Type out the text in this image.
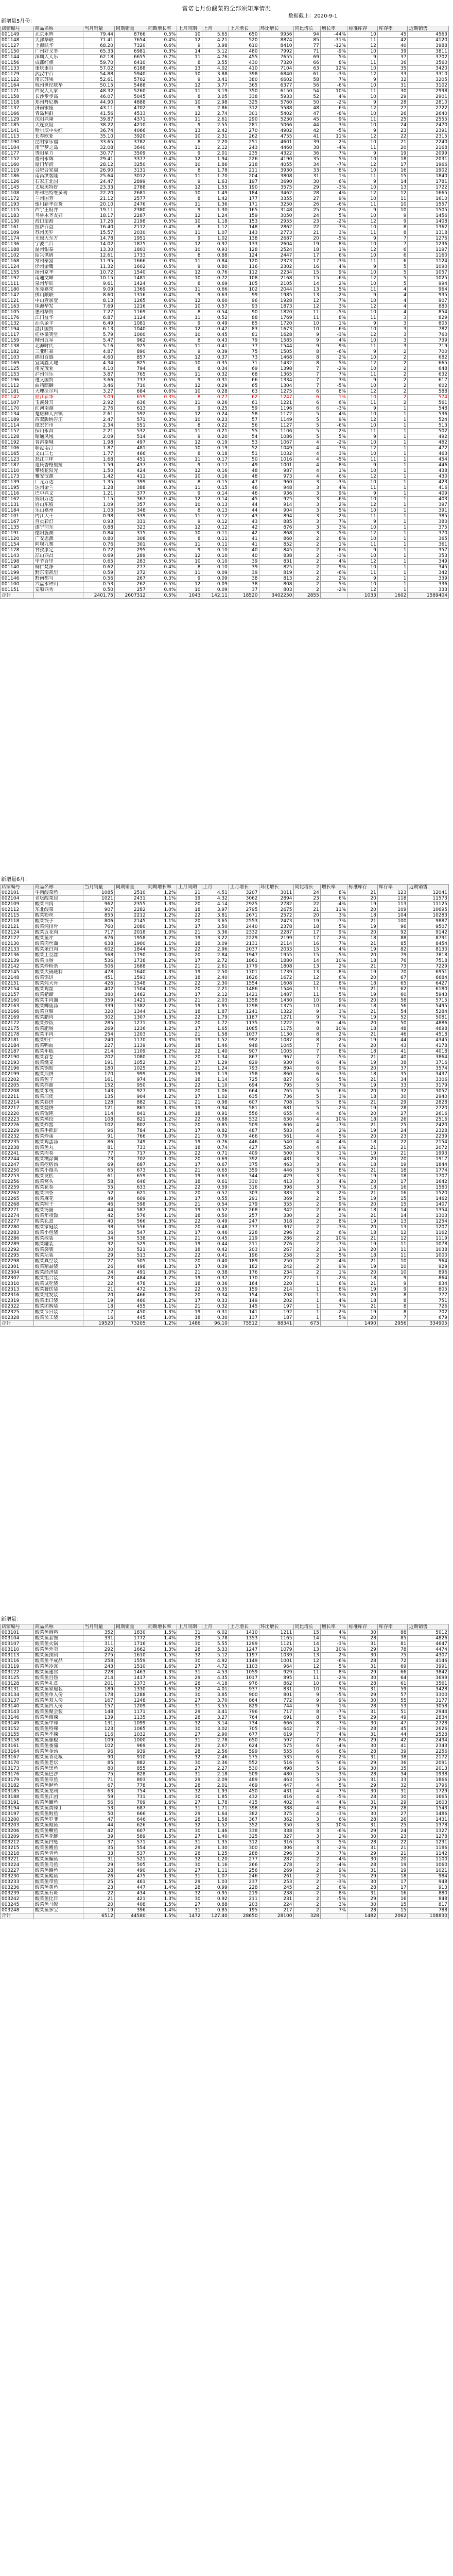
雷诺七月份酸菜的全部须知库情况
数据截止：2020-9-1
新增量5月份：
店铺编号	商品名称	当月销量	同期销量	同期增长率	上月同期	上月	上月增长	环比增长	同比增长	增长率	标准库存	库存率	近期销售
001149	北京永辉	79.44	8766	0.5%	10	5.65	650	9956	94	-44%	10	45	4563
001148	天津华联	71.41	7654	0.4%	12	4.21	520	8874	85	-31%	11	42	4120
001127	上海联华	68.20	7320	0.6%	9	3.98	610	8410	77	-12%	12	40	3988
001150	广州好又多	65.33	6981	0.3%	14	5.12	480	7992	71	-9%	10	39	3811
001144	深圳人人乐	62.18	6655	0.7%	11	4.76	455	7655	69	5%	9	37	3702
001156	成都红旗	59.70	6410	0.5%	8	3.55	430	7320	66	8%	11	36	3560
001133	重庆重百	57.02	6188	0.4%	13	4.02	410	7104	63	12%	10	35	3420
001179	武汉中百	54.88	5940	0.6%	10	3.88	398	6840	61	-3%	12	33	3310
001122	南京苏果	52.61	5702	0.3%	9	3.41	380	6602	58	7%	9	32	3205
001164	杭州世纪联华	50.15	5488	0.5%	12	3.77	365	6377	56	-6%	10	31	3102
001171	西安人人家	48.32	5260	0.4%	11	3.19	350	6150	54	10%	11	30	2998
001158	长沙步步高	46.07	5045	0.6%	8	3.05	338	5933	52	4%	10	29	2901
001118	郑州丹尼斯	44.90	4888	0.3%	10	2.98	325	5760	50	-2%	9	28	2810
001137	济南银座	43.11	4702	0.5%	9	2.86	312	5588	48	6%	12	27	2722
001166	青岛利群	41.56	4533	0.4%	12	2.74	301	5402	47	-8%	10	26	2640
001129	沈阳兴隆	39.87	4371	0.6%	11	2.61	290	5230	45	9%	11	25	2555
001185	大连友谊	38.22	4210	0.3%	9	2.55	281	5066	44	3%	10	24	2470
001141	哈尔滨中央红	36.74	4066	0.5%	13	2.42	270	4902	42	-5%	9	23	2391
001113	长春欧亚	35.10	3920	0.4%	10	2.31	262	4755	41	11%	12	22	2315
001190	昆明家乐福	33.65	3782	0.6%	8	2.20	251	4601	39	2%	10	21	2240
001104	南宁梦之岛	32.08	3640	0.3%	11	2.12	243	4460	38	-4%	11	20	2168
001177	贵阳星力	30.77	3509	0.5%	9	2.01	235	4322	36	7%	9	19	2099
001152	福州永辉	29.41	3377	0.4%	12	1.94	226	4190	35	5%	10	18	2031
001160	厦门华润	28.12	3250	0.6%	10	1.86	218	4055	34	-7%	12	17	1966
001119	合肥合家福	26.90	3131	0.3%	8	1.78	211	3930	33	8%	10	16	1902
001186	南昌洪客隆	25.64	3012	0.5%	11	1.70	204	3808	31	1%	11	15	1840
001126	石家庄北国	24.47	2899	0.4%	9	1.63	197	3690	30	6%	9	14	1781
001145	太原美特好	23.33	2788	0.6%	12	1.55	190	3575	29	-3%	10	13	1722
001108	呼和浩特维多利	22.20	2681	0.3%	10	1.49	184	3462	28	4%	12	12	1665
001172	兰州国芳	21.12	2577	0.5%	8	1.42	177	3355	27	9%	10	11	1610
001193	银川新华百货	20.10	2476	0.4%	11	1.36	171	3250	26	-6%	11	10	1557
001115	西宁王府井	19.11	2380	0.6%	9	1.30	165	3148	25	2%	9	10	1505
001183	乌鲁木齐友好	18.17	2287	0.3%	12	1.24	159	3050	24	5%	10	9	1456
001130	海口望海	17.26	2198	0.5%	10	1.18	153	2955	23	-2%	12	9	1408
001161	拉萨百益	16.40	2112	0.4%	8	1.12	148	2862	22	7%	10	8	1362
001109	苏州美罗	15.57	2030	0.6%	11	1.07	143	2773	21	3%	11	8	1318
001174	无锡大东方	14.78	1951	0.3%	9	1.02	138	2687	20	-5%	9	7	1276
001136	宁波二百	14.02	1875	0.5%	12	0.97	133	2604	19	8%	10	7	1236
001188	温州银泰	13.30	1803	0.4%	10	0.93	128	2524	18	1%	12	6	1197
001102	绍兴供销	12.61	1733	0.6%	8	0.88	124	2447	17	6%	10	6	1160
001168	常州泰富	11.95	1666	0.3%	11	0.84	120	2373	17	-3%	11	6	1124
001124	徐州金鹰	11.32	1602	0.5%	9	0.80	116	2302	16	4%	9	5	1090
001155	扬州京华	10.72	1540	0.4%	12	0.76	112	2234	15	9%	10	5	1057
001197	南通文峰	10.15	1481	0.6%	10	0.72	108	2168	15	-6%	12	5	1025
001111	泉州华联	9.61	1424	0.3%	8	0.69	105	2105	14	2%	10	5	994
001180	东莞嘉荣	9.09	1369	0.5%	11	0.66	102	2044	13	5%	11	4	964
001147	佛山顺联	8.60	1316	0.4%	9	0.63	99	1985	13	-2%	9	4	935
001121	中山壹加壹	8.13	1265	0.6%	12	0.60	96	1928	12	7%	10	4	907
001163	珠海华发	7.69	1216	0.3%	10	0.57	93	1873	12	3%	12	4	880
001105	惠州华贸	7.27	1169	0.5%	8	0.54	90	1820	11	-5%	10	4	854
001176	江门益华	6.87	1124	0.4%	11	0.52	88	1769	11	8%	11	3	829
001132	汕头金平	6.49	1081	0.6%	9	0.49	85	1720	10	1%	9	3	805
001194	湛江国贸	6.13	1040	0.3%	12	0.47	83	1673	10	6%	10	3	782
001117	桂林微笑堂	5.79	1000	0.5%	10	0.45	81	1628	9	-3%	12	3	760
001159	柳州五星	5.47	962	0.4%	8	0.43	79	1585	9	4%	10	3	739
001138	北海时代	5.16	925	0.6%	11	0.41	77	1544	9	9%	11	3	719
001182	三亚旺豪	4.87	890	0.3%	9	0.39	75	1505	8	-6%	9	2	700
001103	绵阳百盛	4.60	857	0.5%	12	0.37	73	1468	8	2%	10	2	682
001169	宜宾鑫天地	4.34	825	0.4%	10	0.35	71	1432	8	5%	12	2	665
001125	南充茂业	4.10	794	0.6%	8	0.34	69	1398	7	-2%	10	2	648
001153	泸州佳乐	3.87	765	0.3%	11	0.32	68	1365	7	7%	11	2	632
001196	遵义国贸	3.66	737	0.5%	9	0.31	66	1334	7	3%	9	2	617
001112	曲靖麒麟	3.46	710	0.4%	12	0.29	65	1304	7	-5%	10	2	602
001181	大理沃尔玛	3.27	684	0.6%	10	0.28	63	1275	6	8%	12	2	588
001142	丽江新华	3.09	659	0.3%	8	0.27	62	1247	6	1%	10	2	574
001107	玉溪聂耳	2.92	636	0.5%	11	0.26	61	1221	6	6%	11	2	561
001170	红河南湖	2.76	613	0.4%	9	0.25	59	1196	6	-3%	9	1	548
001134	楚雄彝人古镇	2.61	592	0.6%	12	0.24	58	1172	5	4%	10	1	536
001189	西双版纳告庄	2.47	571	0.3%	10	0.23	57	1149	5	9%	12	1	524
001114	德宏芒市	2.34	551	0.5%	8	0.22	56	1127	5	-6%	10	1	513
001157	保山永昌	2.21	532	0.4%	11	0.21	55	1106	5	2%	11	1	502
001128	昭通凤凰	2.09	514	0.6%	9	0.20	54	1086	5	5%	9	1	492
001192	普洱茶城	1.98	497	0.3%	12	0.19	53	1067	4	-2%	10	1	482
001106	临沧南汀	1.87	481	0.5%	10	0.19	52	1049	4	7%	12	1	472
001165	文山三七	1.77	466	0.4%	8	0.18	51	1032	4	3%	10	1	463
001123	怒江兰坪	1.68	451	0.6%	11	0.17	50	1016	4	-5%	11	1	454
001187	迪庆香格里拉	1.59	437	0.3%	9	0.17	49	1001	4	8%	9	1	446
001110	攀枝花阳光	1.50	424	0.5%	12	0.16	48	987	4	1%	10	1	438
001173	雅安汉源	1.42	411	0.4%	10	0.16	48	973	4	6%	12	1	430
001139	广元万达	1.35	399	0.6%	8	0.15	47	960	3	-3%	10	1	423
001195	达州金兰	1.28	388	0.3%	11	0.15	46	948	3	4%	11	1	416
001116	巴中兴文	1.21	377	0.5%	9	0.14	46	936	3	9%	9	1	409
001162	资阳万达	1.15	367	0.4%	12	0.14	45	925	3	-6%	10	1	403
001131	眉山东坡	1.09	357	0.6%	10	0.13	44	914	3	2%	12	1	397
001184	乐山嘉州	1.03	348	0.3%	8	0.13	44	904	3	5%	10	1	391
001101	内江大千	0.98	339	0.5%	11	0.12	43	894	3	-2%	11	1	385
001167	自贡彩灯	0.93	331	0.4%	9	0.12	43	885	3	7%	9	1	380
001135	遂宁河东	0.88	323	0.6%	12	0.12	42	876	3	3%	10	1	375
001191	德阳旌湖	0.84	315	0.3%	10	0.11	42	868	3	-5%	12	1	370
001120	广安思源	0.80	308	0.5%	8	0.11	41	860	2	8%	10	1	365
001154	阿坝九寨	0.76	301	0.4%	11	0.11	41	852	2	1%	11	1	361
001178	甘孜康定	0.72	295	0.6%	9	0.10	40	845	2	6%	9	1	357
001143	凉山西昌	0.69	289	0.3%	12	0.10	40	838	2	-3%	10	1	353
001198	毕节百里	0.65	283	0.5%	10	0.10	39	831	2	4%	12	1	349
001140	铜仁梵净	0.62	277	0.4%	8	0.10	39	825	2	9%	10	1	345
001199	黔东南凯里	0.59	272	0.6%	11	0.09	39	819	2	-6%	11	1	342
001146	黔南都匀	0.56	267	0.3%	9	0.09	38	813	2	2%	9	1	339
001100	六盘水钟山	0.53	262	0.5%	12	0.09	38	808	2	5%	10	1	336
001151	安顺西秀	0.50	257	0.4%	10	0.09	37	803	2	-2%	12	1	333
合计		2401.75	2607312	0.5%	1043	142.11	18520	3402250	2855		1033	1602	1589404
新增量6月：
店铺编号	商品名称	当月销量	同期销量	同期增长率	上月同期	上月	上月增长	环比增长	同比增长	增长率	标准库存	库存率	近期销售
002101	牛肉酸菜鱼	1085	2510	1.2%	21	4.51	3207	3011	24	8%	21	123	12041
002104	老坛酸菜包	1021	2431	1.1%	19	4.32	3062	2894	23	6%	20	118	11573
002109	酸菜白肉	962	2355	1.3%	20	4.14	2925	2782	22	-4%	19	113	11125
002112	东北酸菜	907	2282	1.0%	18	3.97	2795	2675	21	11%	20	109	10695
002115	酸菜粉丝	855	2212	1.2%	22	3.81	2671	2572	20	3%	18	104	10283
002118	酸菜饺子	806	2145	1.1%	20	3.65	2553	2473	19	-7%	21	100	9887
002121	酸菜炖排骨	760	2080	1.3%	17	3.50	2440	2378	18	5%	19	96	9507
002124	酸菜五花肉	717	2018	1.0%	21	3.36	2332	2287	17	9%	20	92	9142
002127	酸菜鱼片	676	1958	1.2%	19	3.22	2229	2199	17	-2%	18	88	8791
002130	酸菜肉丝面	638	1900	1.1%	18	3.09	2131	2114	16	7%	21	85	8454
002133	酸菜汆白肉	602	1844	1.3%	22	2.96	2037	2033	15	4%	19	82	8130
002136	酸菜土豆丝	568	1790	1.0%	20	2.84	1947	1955	15	-5%	20	79	7818
002139	酸菜血肠	536	1738	1.2%	17	2.72	1861	1880	14	10%	18	76	7518
002142	酸菜炒粉条	506	1688	1.1%	21	2.61	1779	1808	13	2%	21	73	7229
002145	酸菜火锅底料	478	1640	1.3%	19	2.50	1701	1739	13	-8%	19	70	6951
002148	酸菜馅饼	451	1593	1.0%	18	2.40	1626	1672	12	6%	20	67	6684
002151	酸菜炖大骨	426	1548	1.2%	22	2.30	1554	1608	12	8%	18	65	6427
002154	酸菜鸡丝	402	1504	1.1%	20	2.21	1486	1546	11	-3%	21	62	6180
002157	酸菜猪蹄	380	1462	1.3%	17	2.12	1421	1487	11	5%	19	60	5943
002160	酸菜牛肉面	359	1421	1.0%	21	2.03	1358	1430	10	9%	20	58	5715
002163	酸菜鲫鱼汤	339	1382	1.2%	19	1.95	1298	1375	10	-6%	18	56	5495
002166	酸菜豆腐	320	1344	1.1%	18	1.87	1241	1322	9	3%	21	54	5284
002169	酸菜腊肉	302	1307	1.3%	22	1.79	1187	1271	9	7%	19	52	5081
002172	酸菜炒饭	285	1271	1.0%	20	1.72	1135	1222	9	-4%	20	50	4886
002175	酸菜肥肠	269	1236	1.2%	17	1.65	1085	1175	8	10%	18	48	4698
002178	酸菜羊肉	254	1203	1.1%	21	1.58	1037	1130	8	2%	21	46	4518
002181	酸菜虾仁	240	1170	1.3%	19	1.52	992	1087	8	-2%	19	44	4345
002184	酸菜鸭血	227	1139	1.0%	18	1.46	948	1045	7	6%	20	43	4178
002187	酸菜年糕	214	1109	1.2%	22	1.40	907	1005	7	8%	18	41	4018
002190	酸菜春卷	202	1080	1.1%	20	1.34	867	967	7	-5%	21	40	3864
002193	酸菜烧麦	191	1052	1.3%	17	1.29	829	930	6	4%	19	38	3716
002196	酸菜锅贴	180	1025	1.0%	21	1.24	793	894	6	9%	20	37	3574
002199	酸菜煎饼	170	999	1.2%	19	1.19	758	860	6	-3%	18	35	3437
002202	酸菜包子	161	974	1.1%	18	1.14	725	827	6	5%	21	34	3306
002205	酸菜拌面	152	950	1.3%	22	1.10	694	795	5	7%	19	33	3179
002208	酸菜米线	143	927	1.0%	20	1.06	664	765	5	-6%	20	32	3057
002211	酸菜凉皮	135	904	1.2%	17	1.02	635	736	5	3%	18	30	2940
002214	酸菜卷饼	128	882	1.1%	21	0.98	607	708	5	8%	21	29	2828
002217	酸菜烧饼	121	861	1.3%	19	0.94	581	681	5	-2%	19	28	2720
002220	酸菜馄饨	114	841	1.0%	18	0.91	556	655	4	6%	20	27	2616
002223	酸菜蒸饺	108	821	1.2%	22	0.88	532	630	4	10%	18	26	2516
002226	酸菜炸酱	102	802	1.1%	20	0.85	509	606	4	-7%	21	25	2420
002229	酸菜手抓饼	96	784	1.3%	17	0.82	487	583	4	2%	19	24	2328
002232	酸菜炒蛋	91	766	1.0%	21	0.79	466	561	4	5%	20	23	2239
002235	酸菜鸡蛋汤	86	749	1.2%	19	0.76	446	540	4	-4%	18	22	2154
002238	酸菜鱼丸	81	733	1.1%	18	0.74	427	520	4	9%	21	21	2072
002241	酸菜肉卷	77	717	1.3%	22	0.71	409	500	3	1%	19	21	1993
002244	酸菜糊涂面	73	702	1.0%	20	0.69	392	481	3	-3%	20	20	1917
002247	酸菜疙瘩汤	69	687	1.2%	17	0.67	375	463	3	6%	18	19	1844
002250	酸菜小馒头	65	673	1.1%	21	0.65	359	446	3	8%	21	18	1774
002253	酸菜发糕	61	659	1.3%	19	0.63	344	429	3	-5%	19	18	1707
002256	酸菜窝头	58	646	1.0%	18	0.61	330	413	3	4%	20	17	1642
002259	酸菜花卷	55	633	1.2%	22	0.59	316	398	3	7%	18	16	1580
002262	酸菜油条	52	621	1.1%	20	0.57	303	383	3	-2%	21	16	1520
002265	酸菜麻花	49	609	1.3%	17	0.55	291	369	2	5%	19	15	1462
002268	酸菜粽子	46	598	1.0%	21	0.54	279	355	2	9%	20	15	1407
002271	酸菜汤圆	44	587	1.2%	19	0.52	268	342	2	-6%	18	14	1354
002274	酸菜年夜饭	42	576	1.1%	18	0.50	257	330	2	3%	21	14	1303
002277	酸菜礼盒	40	566	1.3%	22	0.49	247	318	2	8%	19	13	1254
002280	酸菜家庭装	38	556	1.0%	20	0.48	237	307	2	-3%	20	13	1207
002283	酸菜小包装	36	547	1.2%	17	0.46	228	296	2	6%	18	12	1162
002286	酸菜散装	34	538	1.1%	21	0.45	219	286	2	10%	21	12	1119
002289	酸菜罐装	32	529	1.3%	19	0.44	211	276	2	-7%	19	11	1078
002292	酸菜袋装	30	521	1.0%	18	0.42	203	267	2	2%	20	11	1038
002295	酸菜坛装	29	513	1.2%	22	0.41	196	258	2	5%	18	11	1000
002298	酸菜真空装	27	505	1.1%	20	0.40	189	250	2	-4%	21	10	964
002301	酸菜精品装	26	498	1.3%	17	0.39	182	242	2	9%	19	10	929
002304	酸菜经济装	24	491	1.0%	21	0.38	176	234	2	1%	20	10	896
002307	酸菜组合装	23	484	1.2%	19	0.37	170	227	1	-2%	18	9	864
002310	酸菜试吃装	22	478	1.1%	18	0.36	164	220	1	6%	21	9	834
002313	酸菜餐饮装	21	472	1.3%	22	0.35	159	214	1	8%	19	9	805
002316	酸菜批发装	20	466	1.0%	20	0.34	154	208	1	-5%	20	8	777
002319	酸菜出口装	19	460	1.2%	17	0.33	149	202	1	4%	18	8	751
002322	酸菜团购装	18	455	1.1%	21	0.32	145	197	1	7%	21	8	726
002325	酸菜节日装	17	450	1.3%	19	0.31	141	192	1	-2%	19	8	702
002328	酸菜员工装	16	445	1.0%	18	0.30	137	187	1	5%	20	7	679
合计		19520	73205	1.2%	1486	96.10	75512	88341	673		1490	2956	334905
新增量：
店铺编号	商品名称	当月销量	同期销量	同期增长率	上月同期	上月	上月增长	环比增长	同比增长	增长率	标准库存	库存率	近期销售
003101	酸菜鱼调料	352	1830	1.5%	31	6.02	1410	1211	15	4%	30	88	5012
003104	酸菜鱼套餐	331	1772	1.4%	29	5.78	1353	1165	14	7%	28	85	4826
003107	酸菜鱼火锅	311	1716	1.6%	30	5.55	1299	1121	14	-3%	31	81	4647
003110	酸菜鱼外卖	292	1662	1.3%	28	5.33	1247	1079	13	10%	29	78	4474
003113	酸菜鱼预制	275	1610	1.5%	32	5.12	1197	1039	13	2%	30	75	4307
003116	酸菜鱼半成品	258	1559	1.4%	30	4.92	1149	1001	12	-6%	28	72	4146
003119	酸菜鱼冷冻	243	1510	1.6%	27	4.72	1103	964	12	5%	31	69	3991
003122	酸菜鱼速食	228	1463	1.3%	31	4.53	1059	929	11	8%	29	66	3842
003125	酸菜鱼自热	214	1417	1.5%	29	4.35	1017	895	11	-2%	30	64	3699
003128	酸菜鱼礼盒	201	1373	1.4%	28	4.18	976	862	10	6%	28	61	3561
003131	酸菜鱼家庭装	189	1330	1.6%	32	4.01	937	831	10	3%	31	59	3428
003134	酸菜鱼单人份	178	1288	1.3%	30	3.85	900	801	9	-5%	29	57	3300
003137	酸菜鱼双人份	167	1248	1.5%	27	3.70	864	772	9	9%	30	55	3177
003140	酸菜鱼四人份	157	1209	1.4%	31	3.55	829	744	9	1%	28	53	3058
003143	酸菜鱼聚会装	148	1171	1.6%	29	3.41	796	717	8	-7%	31	51	2944
003146	酸菜鱼微辣	139	1135	1.3%	28	3.27	764	691	8	5%	29	49	2834
003149	酸菜鱼中辣	131	1099	1.5%	32	3.14	734	666	8	7%	30	47	2728
003152	酸菜鱼特辣	123	1065	1.4%	30	3.02	705	642	7	-3%	28	45	2626
003155	酸菜鱼不辣	116	1032	1.6%	27	2.90	677	619	7	4%	31	44	2528
003158	酸菜鱼藤椒	109	1000	1.3%	31	2.78	650	597	7	8%	29	42	2434
003161	酸菜鱼番茄	102	969	1.5%	29	2.67	624	575	6	-4%	30	41	2343
003164	酸菜鱼金汤	96	939	1.4%	28	2.56	599	555	6	6%	28	39	2256
003167	酸菜鱼青花椒	90	910	1.6%	32	2.46	575	535	6	2%	31	38	2172
003170	酸菜鱼老坛	85	882	1.3%	30	2.36	552	516	5	-6%	29	36	2091
003173	酸菜鱼黑鱼	80	855	1.5%	27	2.27	530	498	5	9%	30	35	2013
003176	酸菜鱼巴沙	75	828	1.4%	31	2.18	509	480	5	3%	28	34	1938
003179	酸菜鱼草鱼	71	803	1.6%	29	2.09	489	463	5	-2%	31	33	1866
003182	酸菜鱼鲈鱼	67	778	1.3%	28	2.01	469	447	4	5%	29	32	1796
003185	酸菜鱼龙利	63	754	1.5%	32	1.93	450	431	4	7%	30	31	1729
003188	酸菜鱼江团	59	731	1.4%	30	1.85	432	416	4	-5%	28	30	1665
003191	酸菜鱼鮰鱼	56	709	1.6%	27	1.78	415	402	4	4%	31	29	1603
003194	酸菜鱼黄辣丁	53	687	1.3%	31	1.71	398	388	4	8%	29	28	1543
003197	酸菜鱼鳕鱼	50	666	1.5%	29	1.64	382	375	4	-3%	30	27	1486
003200	酸菜鱼罗非	47	646	1.4%	28	1.58	367	362	3	6%	28	26	1431
003203	酸菜鱼鲶鱼	44	626	1.6%	32	1.52	352	350	3	10%	31	25	1378
003206	酸菜鱼鳜鱼	42	607	1.3%	30	1.46	338	338	3	-6%	29	24	1327
003209	酸菜鱼花鲢	39	589	1.5%	27	1.40	325	327	3	2%	30	23	1278
003212	酸菜鱼白鲢	37	571	1.4%	31	1.35	312	316	3	5%	28	22	1231
003215	酸菜鱼鲤鱼	35	554	1.6%	29	1.30	300	306	3	-2%	31	21	1186
003218	酸菜鱼青鱼	33	537	1.3%	28	1.25	288	296	3	7%	29	21	1142
003221	酸菜鱼鳊鱼	31	521	1.5%	32	1.20	277	287	2	4%	30	20	1100
003224	酸菜鱼乌鱼	29	505	1.4%	30	1.16	266	278	2	-4%	28	19	1060
003227	酸菜鱼鳗鱼	28	490	1.6%	27	1.11	256	269	2	9%	31	19	1021
003230	酸菜鱼鲳鱼	26	475	1.3%	31	1.07	246	261	2	1%	29	18	984
003233	酸菜鱼带鱼	25	461	1.5%	29	1.03	237	253	2	-3%	30	17	948
003236	酸菜鱼黄鱼	23	447	1.4%	28	0.99	228	245	2	6%	28	17	913
003239	酸菜鱼石斑	22	434	1.6%	32	0.95	219	238	2	8%	31	16	880
003242	酸菜鱼比目	21	421	1.3%	30	0.92	211	231	2	-5%	29	16	848
003245	酸菜鱼马鲛	20	408	1.5%	27	0.88	203	224	2	3%	30	15	817
003248	酸菜鱼多宝	19	396	1.4%	31	0.85	195	217	2	7%	28	15	788
合计		6512	44580	1.5%	1472	127.40	28650	28100	328		1482	2062	108830
